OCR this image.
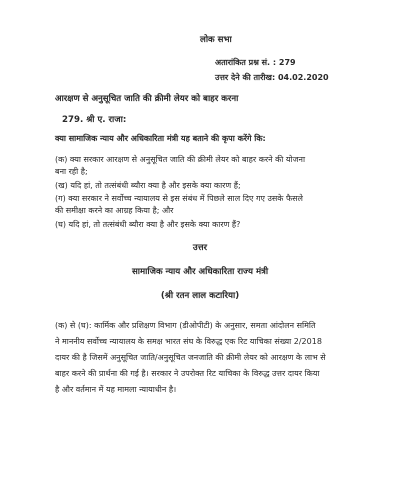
लोक सभा
अतारांकित प्रश्न सं. : 279
उत्तर देने की तारीख: 04.02.2020
आरक्षण से अनुसूचित जाति की क्रीमी लेयर को बाहर करना
279. श्री ए. राजा:
क्या सामाजिक न्याय और अधिकारिता मंत्री यह बताने की कृपा करेंगे कि:
(क) क्या सरकार आरक्षण से अनुसूचित जाति की क्रीमी लेयर को बाहर करने की योजना
बना रही है;
(ख) यदि हां, तो तत्संबंधी ब्यौरा क्या है और इसके क्या कारण हैं;
(ग) क्या सरकार ने सर्वोच्च न्यायालय से इस संबंध में पिछले साल दिए गए उसके फैसले
की समीक्षा करने का आग्रह किया है; और
(घ) यदि हां, तो तत्संबंधी ब्यौरा क्या है और इसके क्या कारण हैं?
उत्तर
सामाजिक न्याय और अधिकारिता राज्य मंत्री
(श्री रतन लाल कटारिया)
(क) से (घ): कार्मिक और प्रशिक्षण विभाग (डीओपीटी) के अनुसार, समता आंदोलन समिति
ने माननीय सर्वोच्च न्यायालय के समक्ष भारत संघ के विरुद्ध एक रिट याचिका संख्या 2/2018
दायर की है जिसमें अनुसूचित जाति/अनुसूचित जनजाति की क्रीमी लेयर को आरक्षण के लाभ से
बाहर करने की प्रार्थना की गई है। सरकार ने उपरोक्त रिट याचिका के विरुद्ध उत्तर दायर किया
है और वर्तमान में यह मामला न्यायाधीन है।
